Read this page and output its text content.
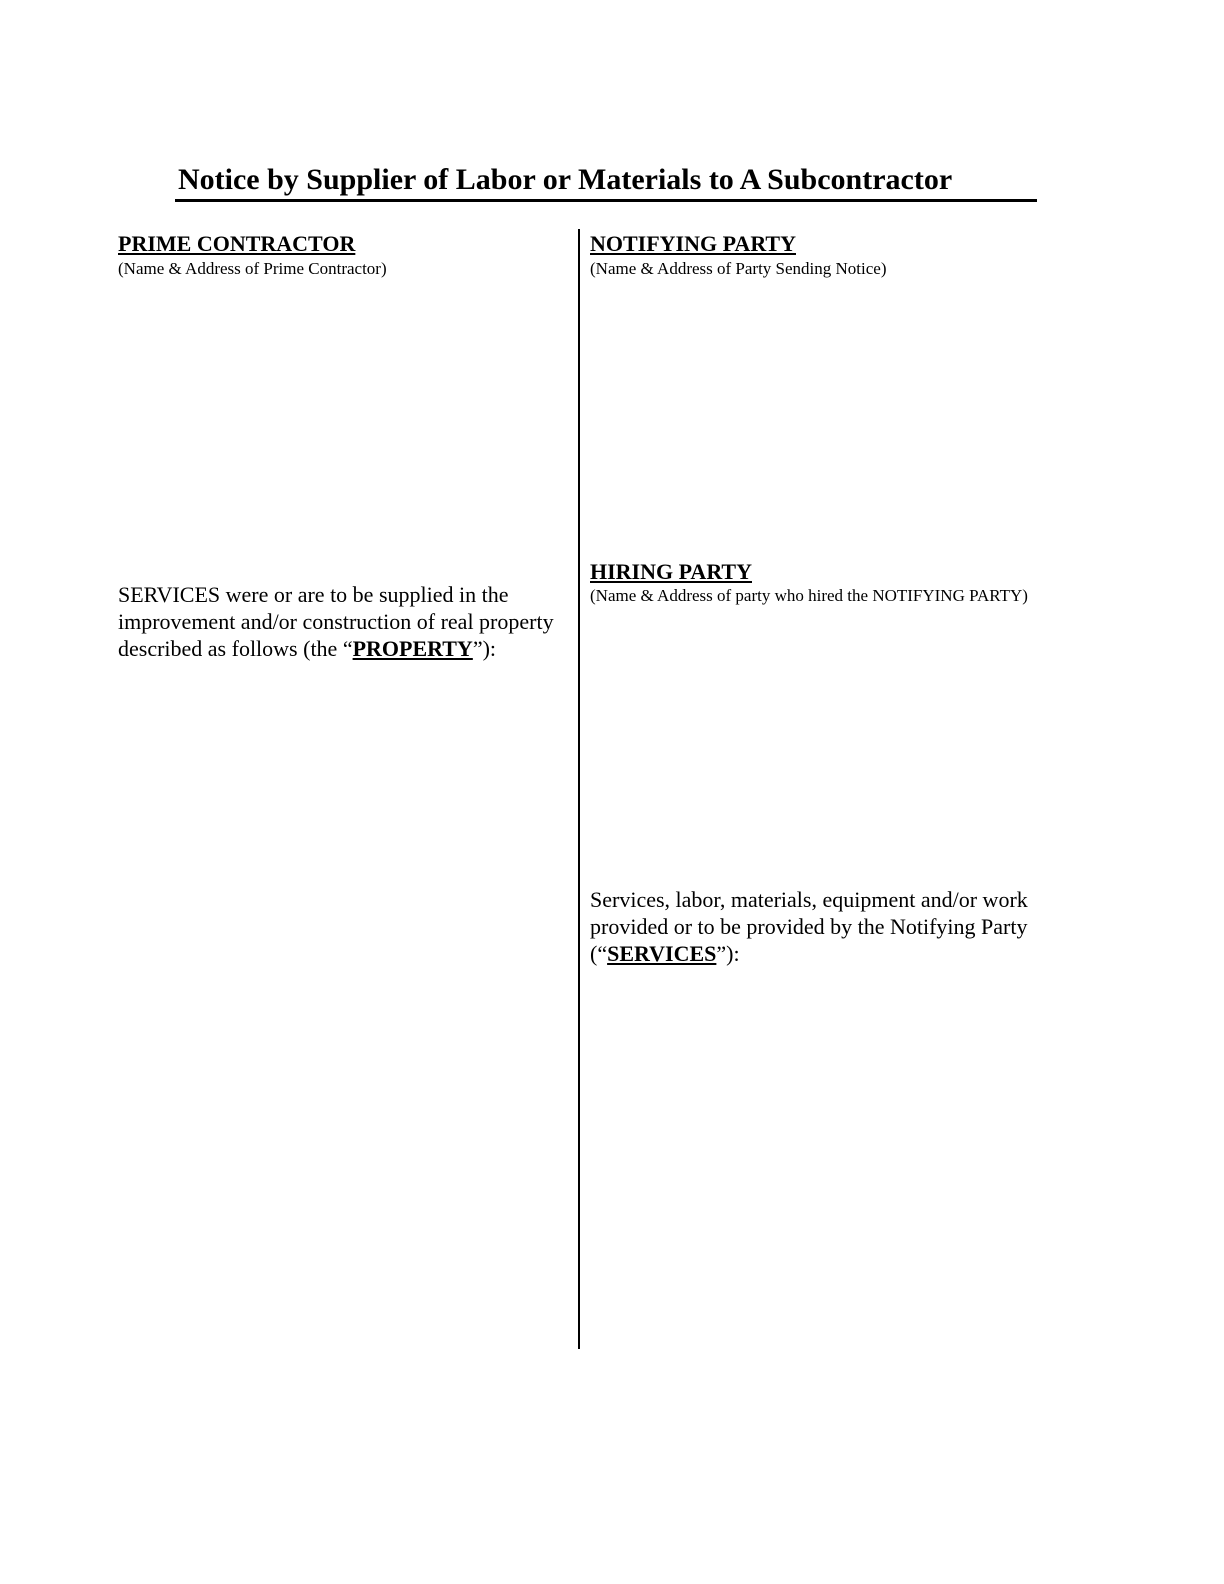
Notice by Supplier of Labor or Materials to A Subcontractor

PRIME CONTRACTOR

(Name & Address of Prime Contractor)

NOTIFYING PARTY

(Name & Address of Party Sending Notice)

HIRING PARTY

(Name & Address of party who hired the NOTIFYING PARTY)

SERVICES were or are to be supplied in the improvement and/or construction of real property described as follows (the “PROPERTY”):

Services, labor, materials, equipment and/or work provided or to be provided by the Notifying Party (“SERVICES”):
